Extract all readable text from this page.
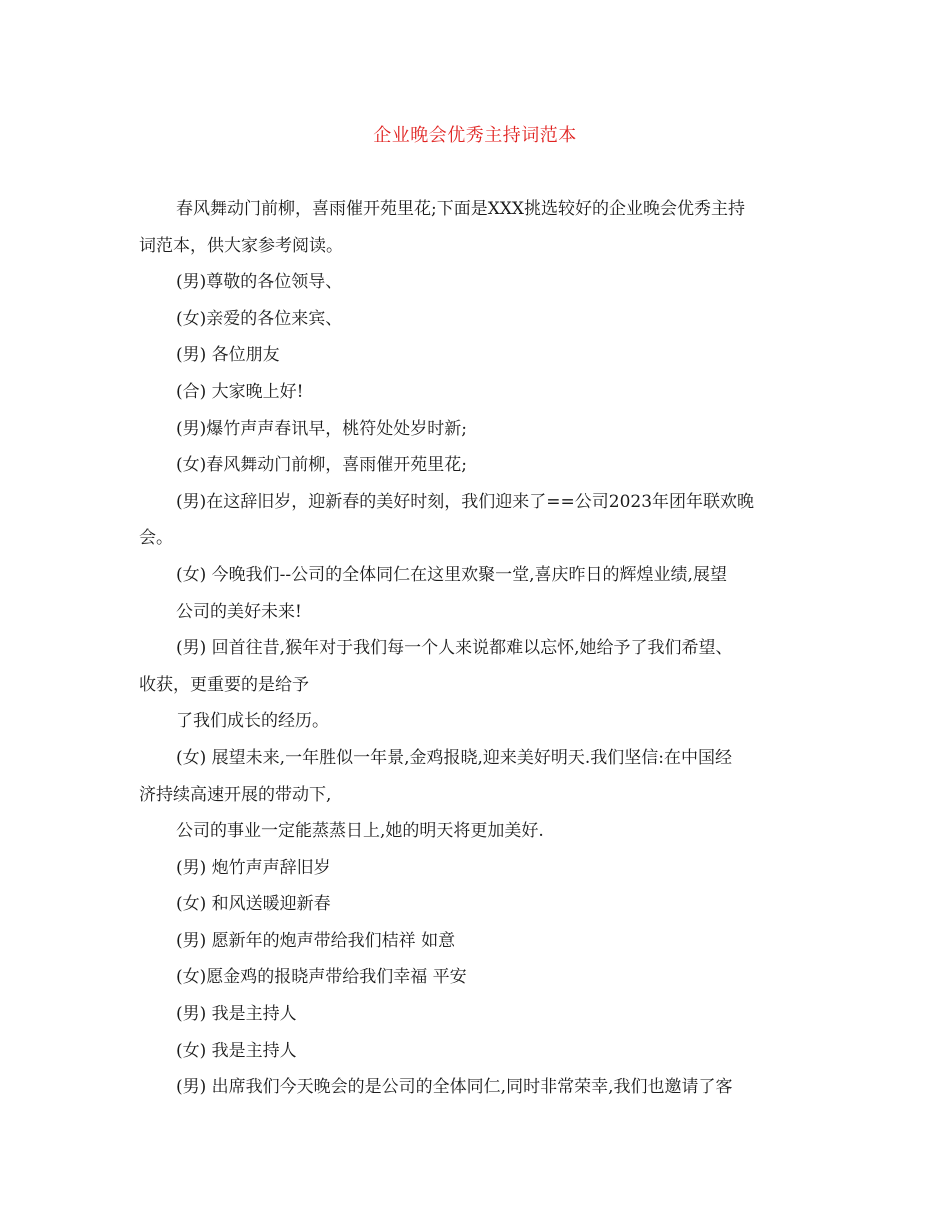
企业晚会优秀主持词范本
春风舞动门前柳，喜雨催开苑里花;下面是XXX挑选较好的企业晚会优秀主持
词范本，供大家参考阅读。
(男)尊敬的各位领导、
(女)亲爱的各位来宾、
(男) 各位朋友
(合) 大家晚上好!
(男)爆竹声声春讯早，桃符处处岁时新;
(女)春风舞动门前柳，喜雨催开苑里花;
(男)在这辞旧岁，迎新春的美好时刻，我们迎来了==公司2023年团年联欢晚
会。
(女) 今晚我们--公司的全体同仁在这里欢聚一堂,喜庆昨日的辉煌业绩,展望
公司的美好未来!
(男) 回首往昔,猴年对于我们每一个人来说都难以忘怀,她给予了我们希望、
收获，更重要的是给予
了我们成长的经历。
(女) 展望未来,一年胜似一年景,金鸡报晓,迎来美好明天.我们坚信:在中国经
济持续高速开展的带动下,
公司的事业一定能蒸蒸日上,她的明天将更加美好.
(男) 炮竹声声辞旧岁
(女) 和风送暖迎新春
(男) 愿新年的炮声带给我们桔祥 如意
(女)愿金鸡的报晓声带给我们幸福 平安
(男) 我是主持人
(女) 我是主持人
(男) 出席我们今天晚会的是公司的全体同仁,同时非常荣幸,我们也邀请了客
